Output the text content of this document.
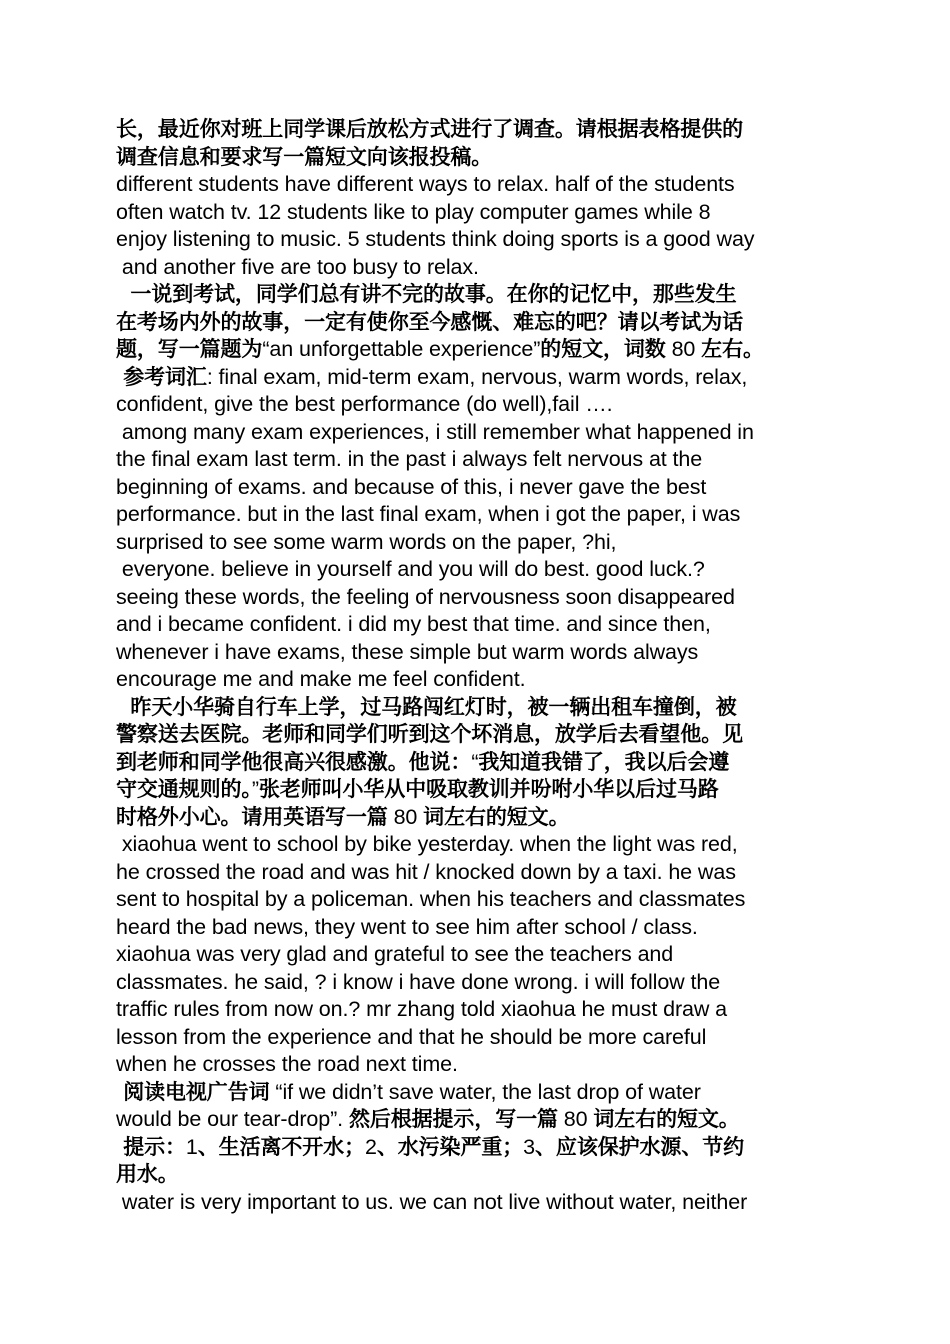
长，最近你对班上同学课后放松方式进行了调查。请根据表格提供的
调查信息和要求写一篇短文向该报投稿。
different students have different ways to relax. half of the students
often watch tv. 12 students like to play computer games while 8
enjoy listening to music. 5 students think doing sports is a good way
and another five are too busy to relax.
一说到考试，同学们总有讲不完的故事。在你的记忆中，那些发生
在考场内外的故事，一定有使你至今感慨、难忘的吧？请以考试为话
题，写一篇题为“an unforgettable experience”的短文，词数 80 左右。
参考词汇: final exam, mid-term exam, nervous, warm words, relax,
confident, give the best performance (do well),fail ….
among many exam experiences, i still remember what happened in
the final exam last term. in the past i always felt nervous at the
beginning of exams. and because of this, i never gave the best
performance. but in the last final exam, when i got the paper, i was
surprised to see some warm words on the paper, ?hi,
everyone. believe in yourself and you will do best. good luck.?
seeing these words, the feeling of nervousness soon disappeared
and i became confident. i did my best that time. and since then,
whenever i have exams, these simple but warm words always
encourage me and make me feel confident.
昨天小华骑自行车上学，过马路闯红灯时，被一辆出租车撞倒，被
警察送去医院。老师和同学们听到这个坏消息，放学后去看望他。见
到老师和同学他很高兴很感激。他说：“我知道我错了，我以后会遵
守交通规则的。”张老师叫小华从中吸取教训并吩咐小华以后过马路
时格外小心。请用英语写一篇 80 词左右的短文。
xiaohua went to school by bike yesterday. when the light was red,
he crossed the road and was hit / knocked down by a taxi. he was
sent to hospital by a policeman. when his teachers and classmates
heard the bad news, they went to see him after school / class.
xiaohua was very glad and grateful to see the teachers and
classmates. he said, ? i know i have done wrong. i will follow the
traffic rules from now on.? mr zhang told xiaohua he must draw a
lesson from the experience and that he should be more careful
when he crosses the road next time.
阅读电视广告词 “if we didn’t save water, the last drop of water
would be our tear-drop”. 然后根据提示，写一篇 80 词左右的短文。
提示：1、生活离不开水；2、水污染严重；3、应该保护水源、节约
用水。
water is very important to us. we can not live without water, neither
